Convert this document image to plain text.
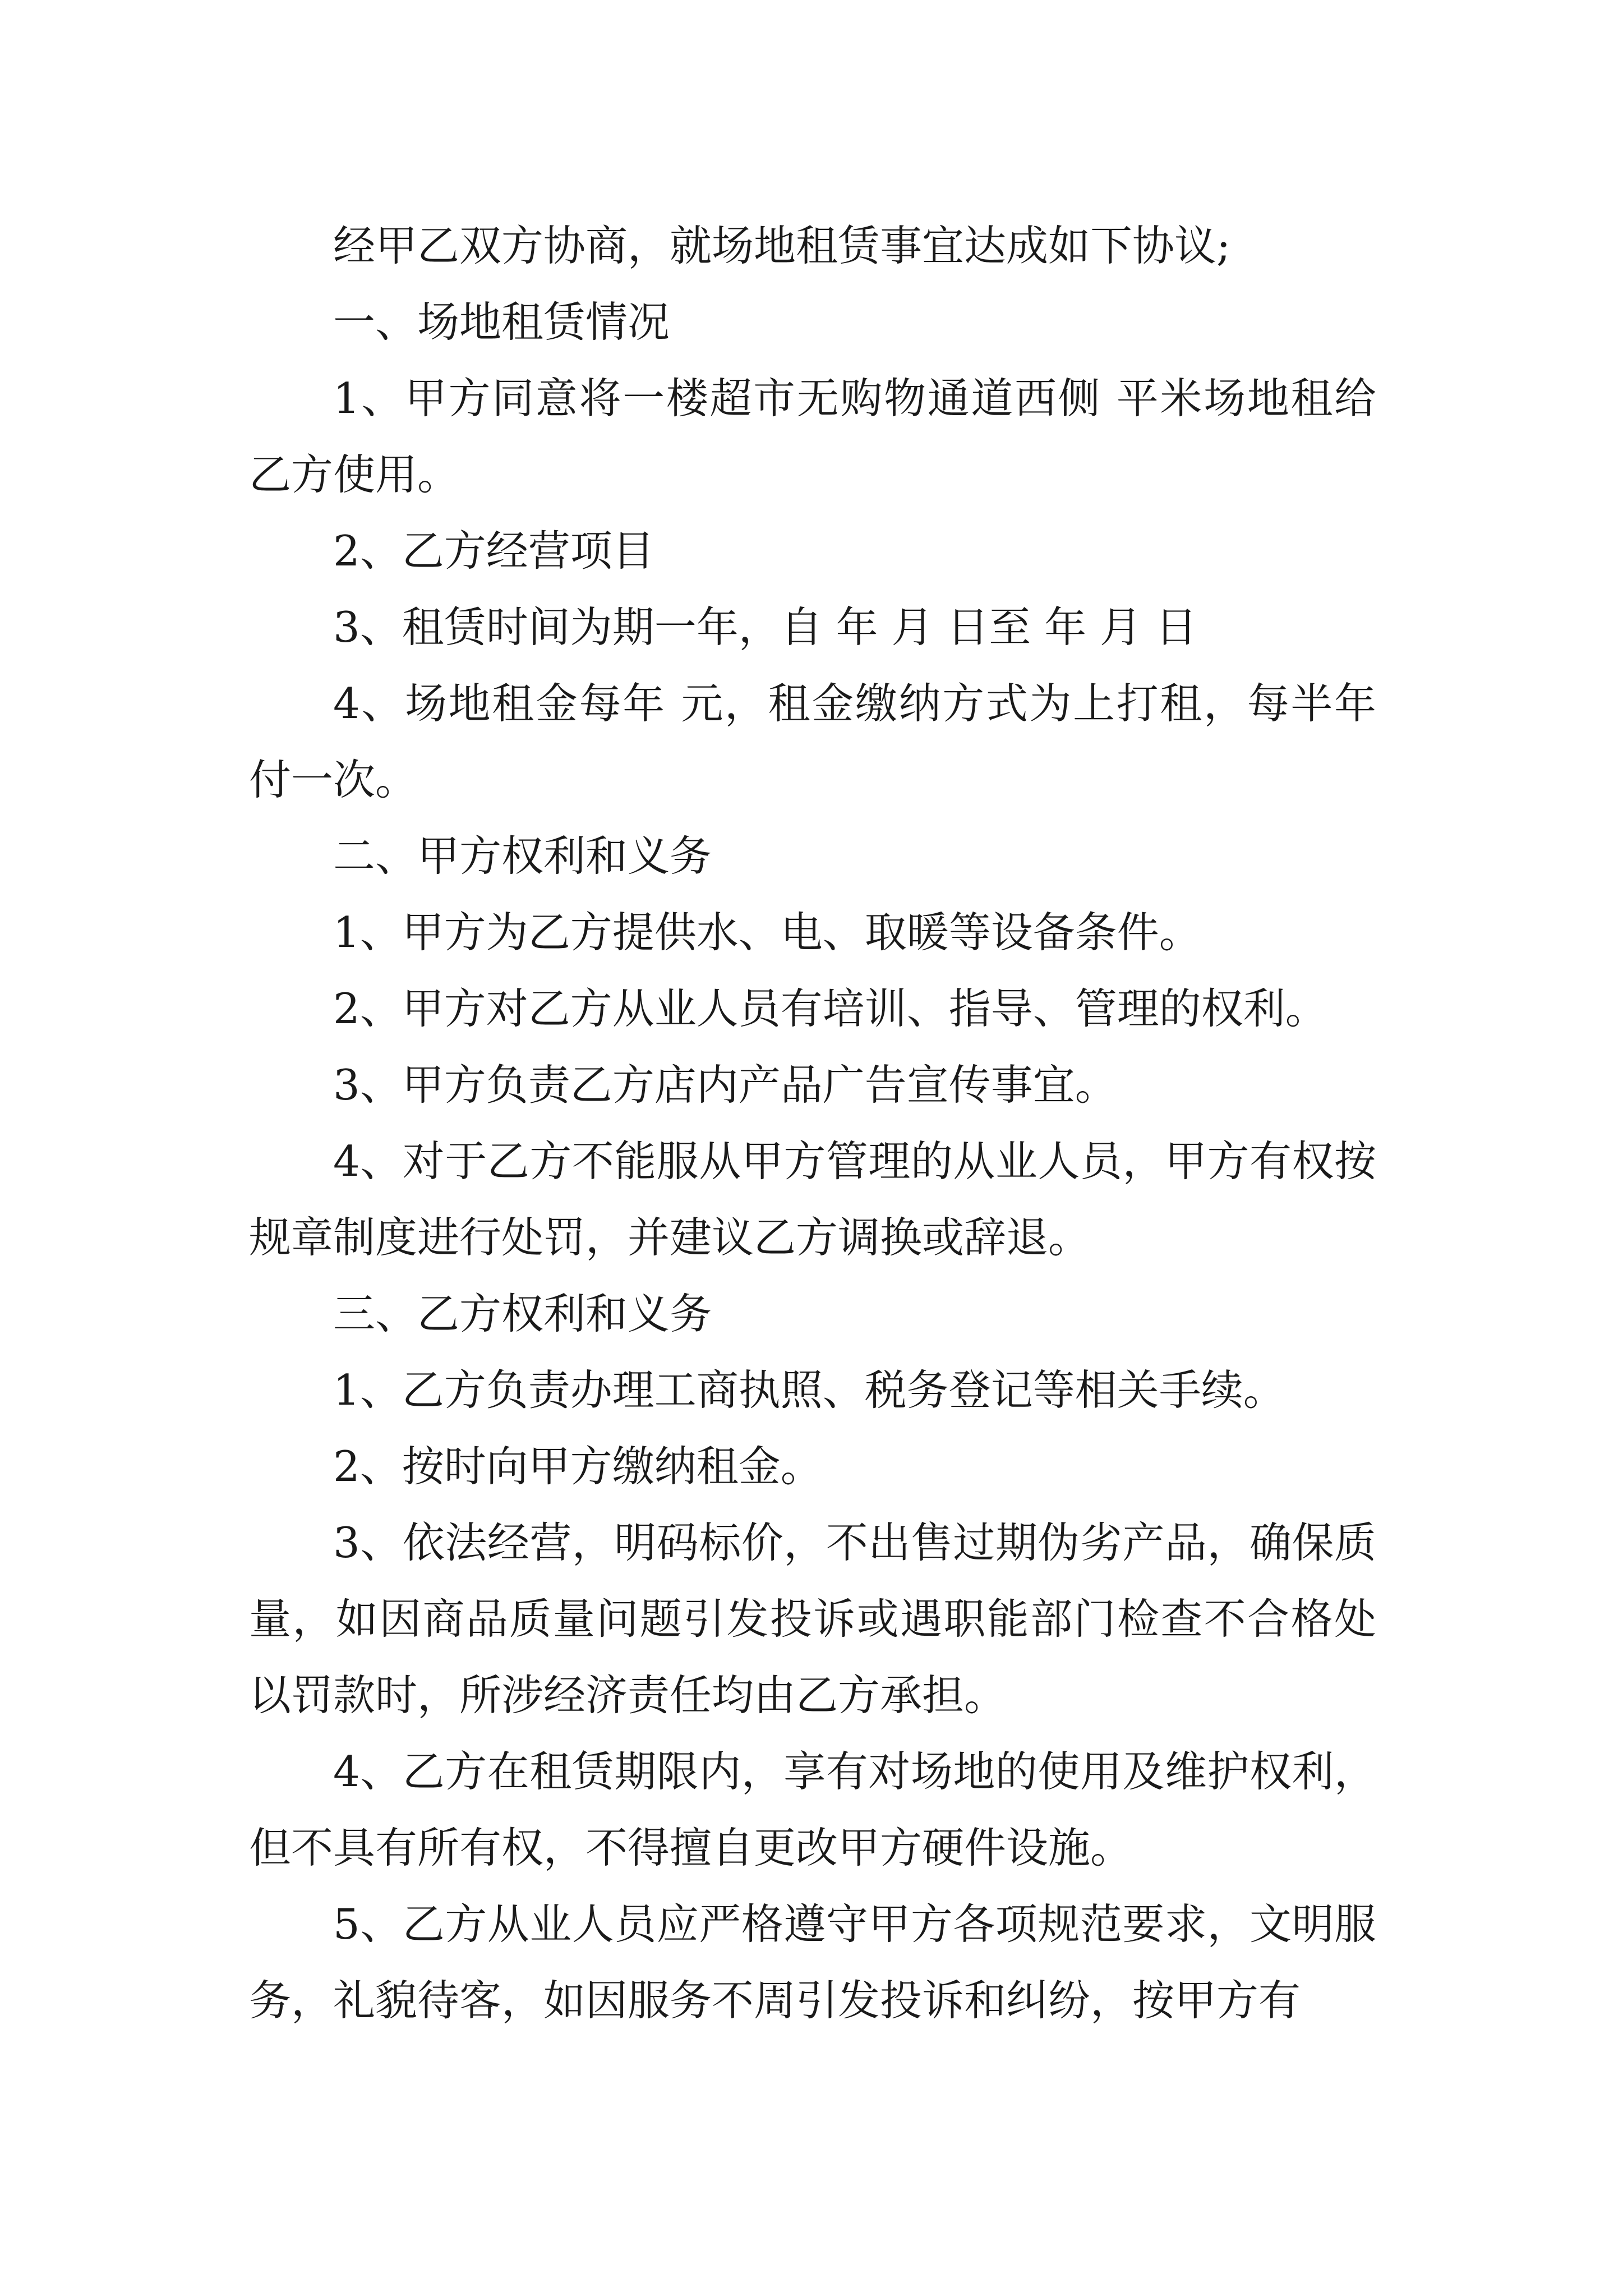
经甲乙双方协商，就场地租赁事宜达成如下协议;

一、场地租赁情况

1、甲方同意将一楼超市无购物通道西侧 平米场地租给乙方使用。

2、乙方经营项目

3、租赁时间为期一年，自 年 月 日至 年 月 日

4、场地租金每年 元，租金缴纳方式为上打租，每半年付一次。

二、甲方权利和义务

1、甲方为乙方提供水、电、取暖等设备条件。

2、甲方对乙方从业人员有培训、指导、管理的权利。

3、甲方负责乙方店内产品广告宣传事宜。

4、对于乙方不能服从甲方管理的从业人员，甲方有权按规章制度进行处罚，并建议乙方调换或辞退。

三、乙方权利和义务

1、乙方负责办理工商执照、税务登记等相关手续。

2、按时向甲方缴纳租金。

3、依法经营，明码标价，不出售过期伪劣产品，确保质量，如因商品质量问题引发投诉或遇职能部门检查不合格处以罚款时，所涉经济责任均由乙方承担。

4、乙方在租赁期限内，享有对场地的使用及维护权利，但不具有所有权，不得擅自更改甲方硬件设施。

5、乙方从业人员应严格遵守甲方各项规范要求，文明服务，礼貌待客，如因服务不周引发投诉和纠纷，按甲方有
